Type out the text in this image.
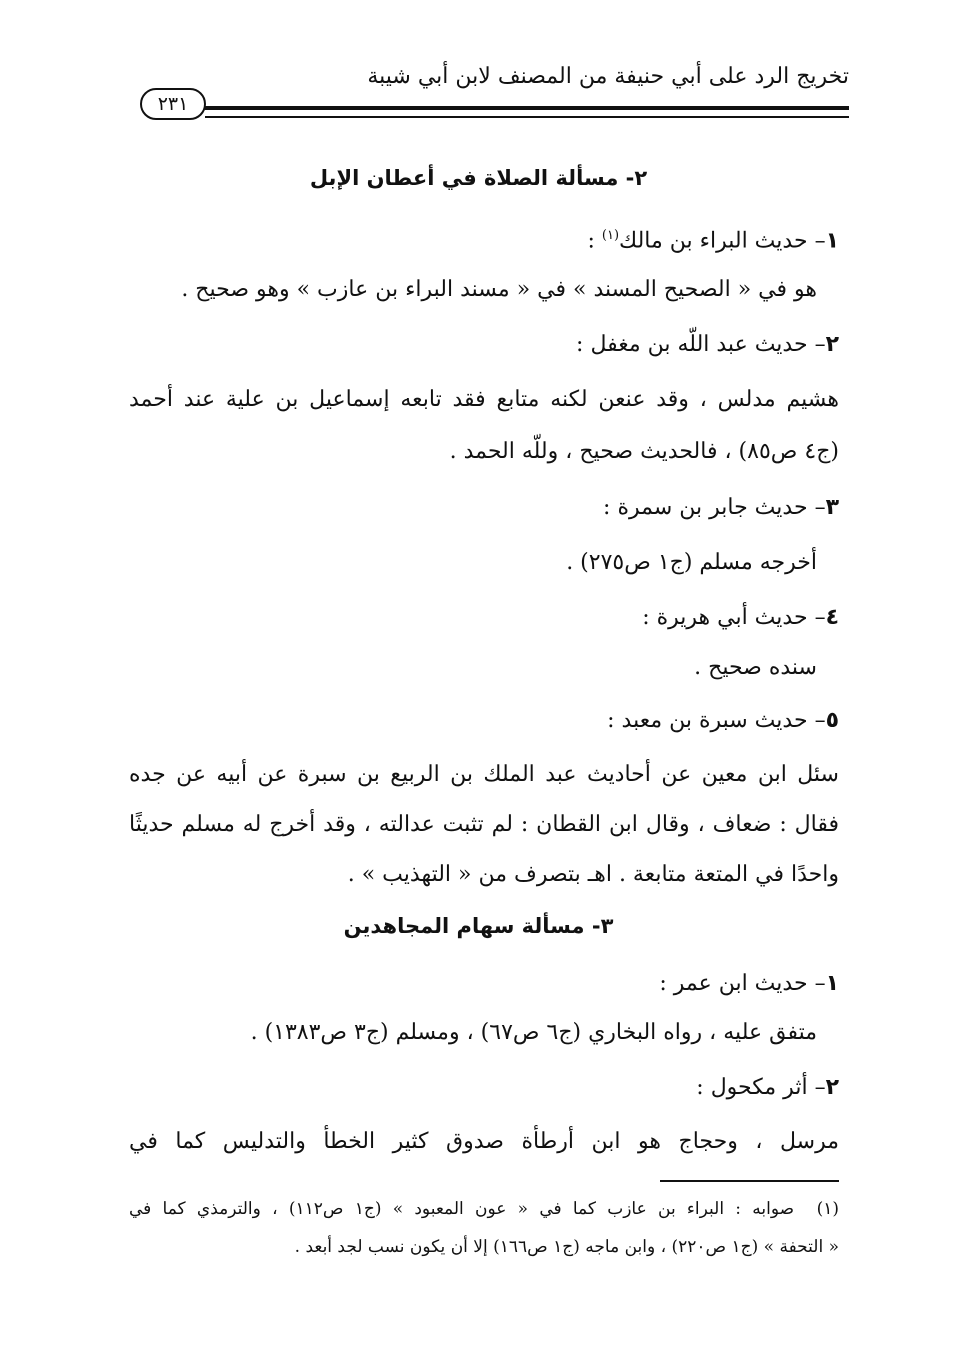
تخريج الرد على أبي حنيفة من المصنف لابن أبي شيبة
٢٣١
٢- مسألة الصلاة في أعطان الإبل
١– حديث البراء بن مالك$^{(١)}$ :
هو في « الصحيح المسند » في « مسند البراء بن عازب » وهو صحيح .
٢– حديث عبد اللّه بن مغفل :
هشيم مدلس ، وقد عنعن لكنه متابع فقد تابعه إسماعيل بن علية عند أحمد
(ج٤ ص٨٥) ، فالحديث صحيح ، وللّه الحمد .
٣– حديث جابر بن سمرة :
أخرجه مسلم (ج١ ص٢٧٥) .
٤– حديث أبي هريرة :
سنده صحيح .
٥– حديث سبرة بن معبد :
سئل ابن معين عن أحاديث عبد الملك بن الربيع بن سبرة عن أبيه عن جده
فقال : ضعاف ، وقال ابن القطان : لم تثبت عدالته ، وقد أخرج له مسلم حديثًا
واحدًا في المتعة متابعة . اهـ بتصرف من « التهذيب » .
٣- مسألة سهام المجاهدين
١– حديث ابن عمر :
متفق عليه ، رواه البخاري (ج٦ ص٦٧) ، ومسلم (ج٣ ص١٣٨٣) .
٢– أثر مكحول :
مرسل ، وحجاج هو ابن أرطأة صدوق كثير الخطأ والتدليس كما في
(١)  صوابه : البراء بن عازب كما في « عون المعبود » (ج١ ص١١٢) ، والترمذي كما في
« التحفة » (ج١ ص٢٢٠) ، وابن ماجه (ج١ ص١٦٦) إلا أن يكون نسب لجد أبعد .
